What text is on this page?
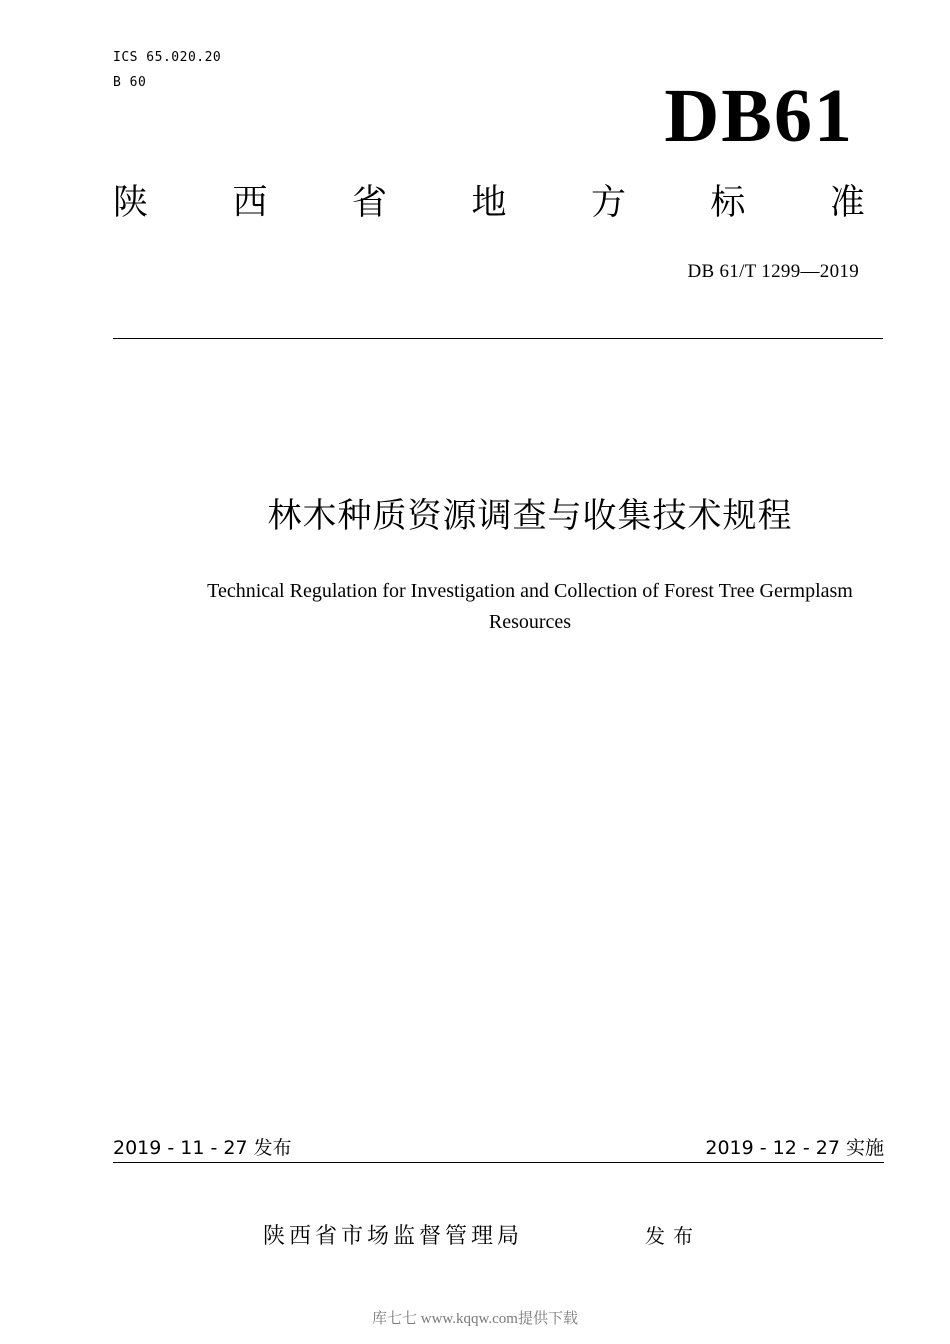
ICS 65.020.20
B 60	DB61
陕 西 省 地 方 标 准
DB 61/T 1299—2019
林木种质资源调查与收集技术规程
Technical Regulation for Investigation and Collection of Forest Tree Germplasm
Resources
2019 - 11 - 27 发布	2019 - 12 - 27 实施
陕西省市场监督管理局	发布
库七七 www.kqqw.com提供下载
